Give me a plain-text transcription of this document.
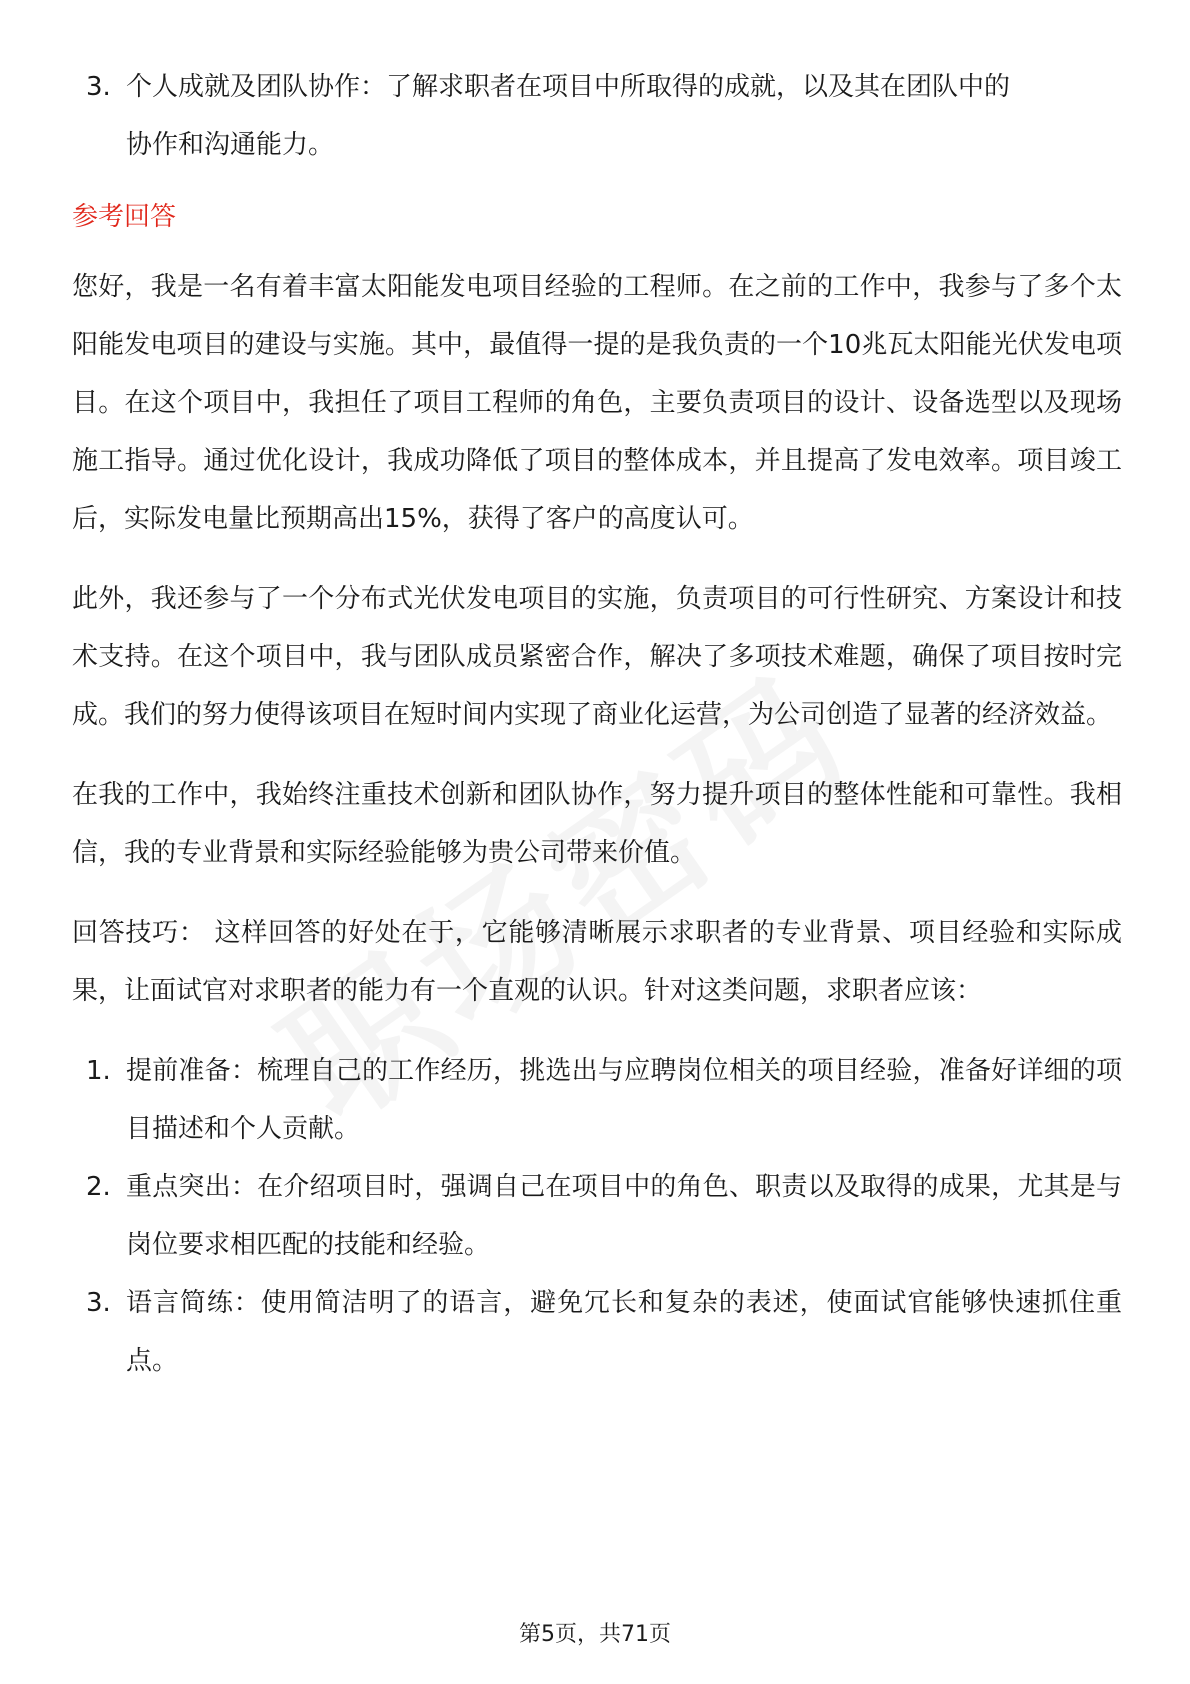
3. 个人成就及团队协作：了解求职者在项目中所取得的成就，以及其在团队中的
协作和沟通能力。
参考回答

您好，我是一名有着丰富太阳能发电项目经验的工程师。在之前的工作中，我参与了多个太阳能发电项目的建设与实施。其中，最值得一提的是我负责的一个10兆瓦太阳能光伏发电项目。在这个项目中，我担任了项目工程师的角色，主要负责项目的设计、设备选型以及现场施工指导。通过优化设计，我成功降低了项目的整体成本，并且提高了发电效率。项目竣工后，实际发电量比预期高出15%，获得了客户的高度认可。

此外，我还参与了一个分布式光伏发电项目的实施，负责项目的可行性研究、方案设计和技术支持。在这个项目中，我与团队成员紧密合作，解决了多项技术难题，确保了项目按时完成。我们的努力使得该项目在短时间内实现了商业化运营，为公司创造了显著的经济效益。

在我的工作中，我始终注重技术创新和团队协作，努力提升项目的整体性能和可靠性。我相信，我的专业背景和实际经验能够为贵公司带来价值。

回答技巧： 这样回答的好处在于，它能够清晰展示求职者的专业背景、项目经验和实际成果，让面试官对求职者的能力有一个直观的认识。针对这类问题，求职者应该：

1. 提前准备：梳理自己的工作经历，挑选出与应聘岗位相关的项目经验，准备好详细的项目描述和个人贡献。
2. 重点突出：在介绍项目时，强调自己在项目中的角色、职责以及取得的成果，尤其是与岗位要求相匹配的技能和经验。
3. 语言简练：使用简洁明了的语言，避免冗长和复杂的表述，使面试官能够快速抓住重点。
第5页，共71页
